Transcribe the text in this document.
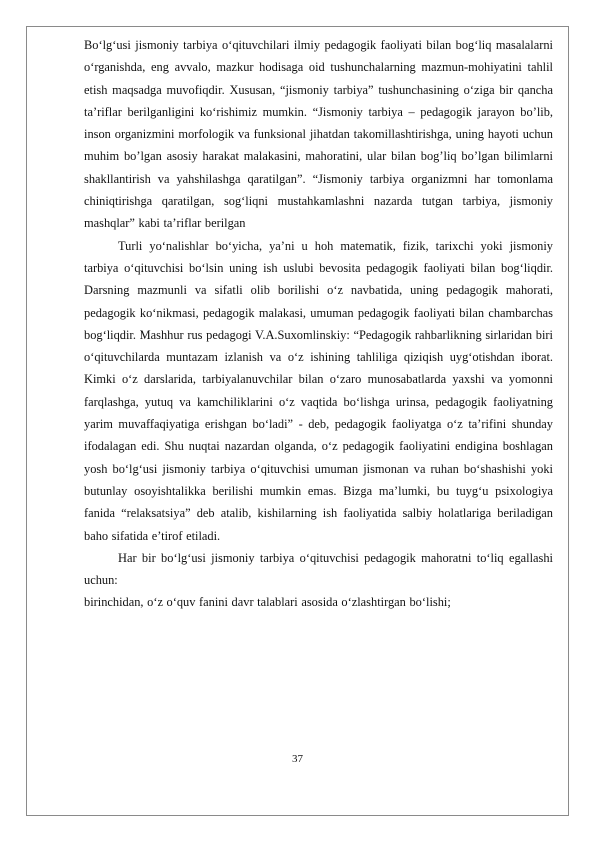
Bo‘lg‘usi jismoniy tarbiya o‘qituvchilari ilmiy pedagogik faoliyati bilan bog‘liq masalalarni o‘rganishda, eng avvalo, mazkur hodisaga oid tushunchalarning mazmun-mohiyatini tahlil etish maqsadga muvofiqdir. Xususan, “jismoniy tarbiya” tushunchasining o‘ziga bir qancha ta’riflar berilganligini ko‘rishimiz mumkin. “Jismoniy tarbiya – pedagogik jarayon bo’lib, inson organizmini morfologik va funksional jihatdan takomillashtirishga, uning hayoti uchun muhim bo’lgan asosiy harakat malakasini, mahoratini, ular bilan bog’liq bo’lgan bilimlarni shakllantirish va yahshilashga qaratilgan”. “Jismoniy tarbiya organizmni har tomonlama chiniqtirishga qaratilgan, sog‘liqni mustahkamlashni nazarda tutgan tarbiya, jismoniy mashqlar” kabi ta’riflar berilgan

Turli yo‘nalishlar bo‘yicha, ya’ni u hoh matematik, fizik, tarixchi yoki jismoniy tarbiya o‘qituvchisi bo‘lsin uning ish uslubi bevosita pedagogik faoliyati bilan bog‘liqdir. Darsning mazmunli va sifatli olib borilishi o‘z navbatida, uning pedagogik mahorati, pedagogik ko‘nikmasi, pedagogik malakasi, umuman pedagogik faoliyati bilan chambarchas bog‘liqdir. Mashhur rus pedagogi V.A.Suxomlinskiy: “Pedagogik rahbarlikning sirlaridan biri o‘qituvchilarda muntazam izlanish va o‘z ishining tahliliga qiziqish uyg‘otishdan iborat. Kimki o‘z darslarida, tarbiyalanuvchilar bilan o‘zaro munosabatlarda yaxshi va yomonni farqlashga, yutuq va kamchiliklarini o‘z vaqtida bo‘lishga urinsa, pedagogik faoliyatning yarim muvaffaqiyatiga erishgan bo‘ladi” - deb, pedagogik faoliyatga o‘z ta’rifini shunday ifodalagan edi. Shu nuqtai nazardan olganda, o‘z pedagogik faoliyatini endigina boshlagan yosh bo‘lg‘usi jismoniy tarbiya o‘qituvchisi umuman jismonan va ruhan bo‘shashishi yoki butunlay osoyishtalikka berilishi mumkin emas. Bizga ma’lumki, bu tuyg‘u psixologiya fanida “relaksatsiya” deb atalib, kishilarning ish faoliyatida salbiy holatlariga beriladigan baho sifatida e’tirof etiladi.

Har bir bo‘lg‘usi jismoniy tarbiya o‘qituvchisi pedagogik mahoratni to‘liq egallashi uchun:

birinchidan, o‘z o‘quv fanini davr talablari asosida o‘zlashtirgan bo‘lishi;

37
